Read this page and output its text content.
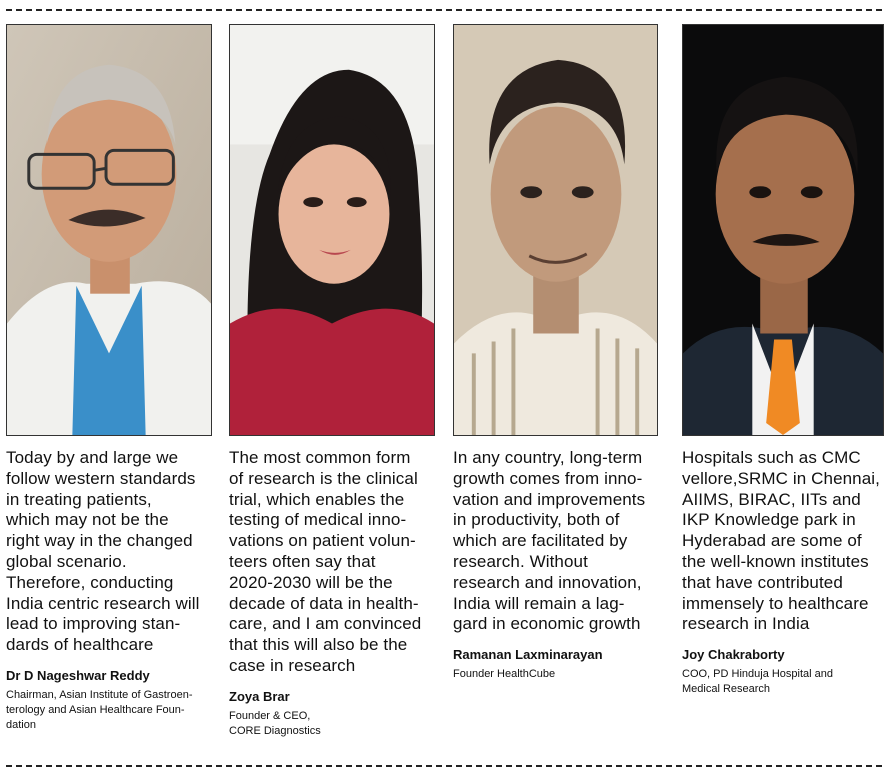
Today by and large we
follow western standards
in treating patients,
which may not be the
right way in the changed
global scenario.
Therefore, conducting
India centric research will
lead to improving stan-
dards of healthcare
Dr D Nageshwar Reddy
Chairman, Asian Institute of Gastroen-
terology and Asian Healthcare Foun-
dation
The most common form
of research is the clinical
trial, which enables the
testing of medical inno-
vations on patient volun-
teers often say that
2020-2030 will be the
decade of data in health-
care, and I am convinced
that this will also be the
case in research
Zoya Brar
Founder & CEO,
CORE Diagnostics
In any country, long-term
growth comes from inno-
vation and improvements
in productivity, both of
which are facilitated by
research. Without
research and innovation,
India will remain a lag-
gard in economic growth
Ramanan Laxminarayan
Founder HealthCube
Hospitals such as CMC
vellore,SRMC in Chennai,
AIIMS, BIRAC, IITs and
IKP Knowledge park in
Hyderabad are some of
the well-known institutes
that have contributed
immensely to healthcare
research in India
Joy Chakraborty
COO, PD Hinduja Hospital and
Medical Research
